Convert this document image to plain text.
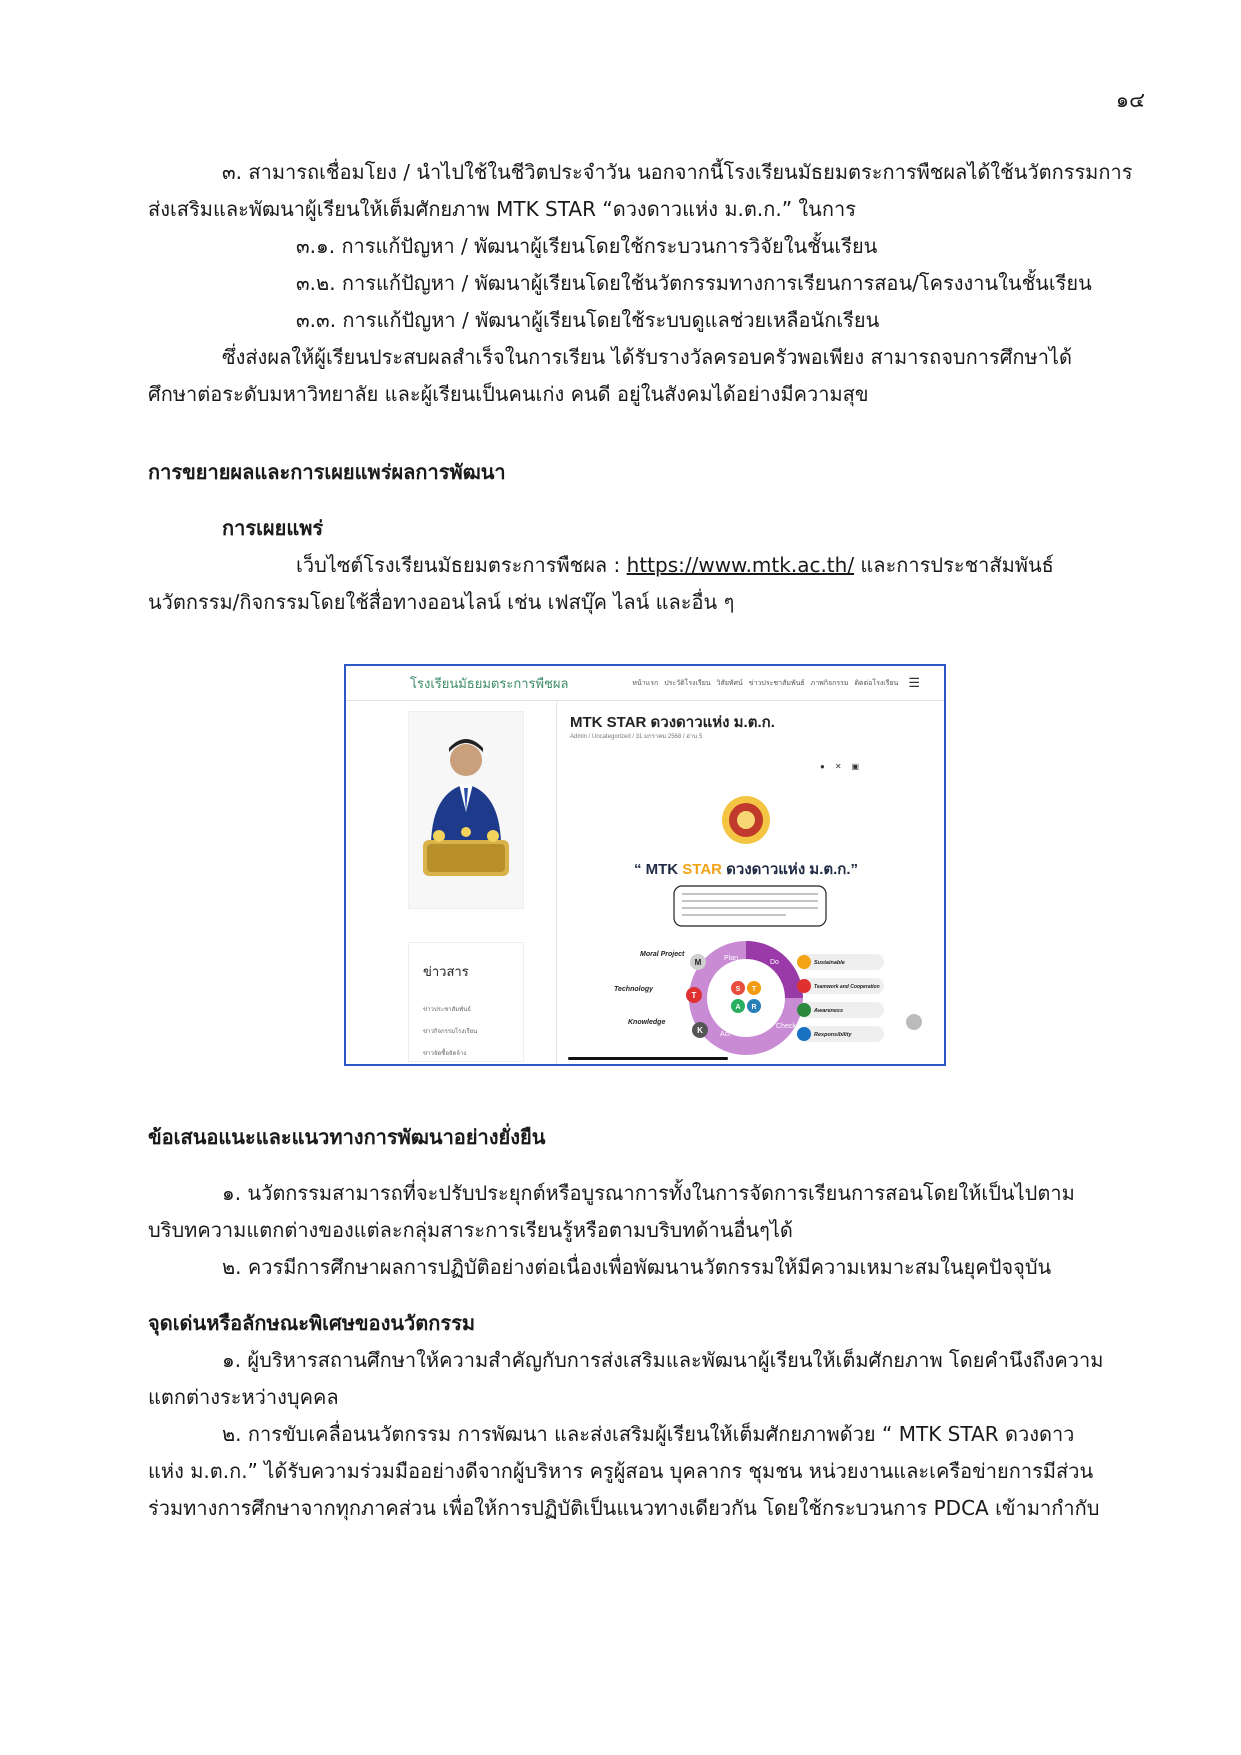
๑๔

๓. สามารถเชื่อมโยง / นำไปใช้ในชีวิตประจำวัน นอกจากนี้โรงเรียนมัธยมตระการพืชผลได้ใช้นวัตกรรมการ

ส่งเสริมและพัฒนาผู้เรียนให้เต็มศักยภาพ MTK STAR “ดวงดาวแห่ง ม.ต.ก.” ในการ

๓.๑. การแก้ปัญหา / พัฒนาผู้เรียนโดยใช้กระบวนการวิจัยในชั้นเรียน

๓.๒. การแก้ปัญหา / พัฒนาผู้เรียนโดยใช้นวัตกรรมทางการเรียนการสอน/โครงงานในชั้นเรียน

๓.๓. การแก้ปัญหา / พัฒนาผู้เรียนโดยใช้ระบบดูแลช่วยเหลือนักเรียน

ซึ่งส่งผลให้ผู้เรียนประสบผลสำเร็จในการเรียน ได้รับรางวัลครอบครัวพอเพียง สามารถจบการศึกษาได้

ศึกษาต่อระดับมหาวิทยาลัย และผู้เรียนเป็นคนเก่ง คนดี อยู่ในสังคมได้อย่างมีความสุข

การขยายผลและการเผยแพร่ผลการพัฒนา

การเผยแพร่

เว็บไซต์โรงเรียนมัธยมตระการพืชผล : https://www.mtk.ac.th/ และการประชาสัมพันธ์

นวัตกรรม/กิจกรรมโดยใช้สื่อทางออนไลน์ เช่น เฟสบุ๊ค ไลน์ และอื่น ๆ

โรงเรียนมัธยมตระการพืชผล	หน้าแรก ประวัติโรงเรียน วิสัยทัศน์ ข่าวประชาสัมพันธ์ ภาพกิจกรรม ติดต่อโรงเรียน ☰
ข่าวสาร
ข่าวประชาสัมพันธ์
ข่าวกิจกรรมโรงเรียน
ข่าวจัดซื้อจัดจ้าง
MTK STAR ดวงดาวแห่ง ม.ต.ก.
Admin / Uncategorized / 31 มกราคม 2568 / อ่าน 5
● ✕ ▣
“ MTK STAR ดวงดาวแห่ง ม.ต.ก.”
S T
A R
Plan
Do
Check
Act
M
T
K
Moral Project
Technology
Knowledge
Sustainable
Teamwork and Cooperation
Awareness
Responsibility

ข้อเสนอแนะและแนวทางการพัฒนาอย่างยั่งยืน

๑. นวัตกรรมสามารถที่จะปรับประยุกต์หรือบูรณาการทั้งในการจัดการเรียนการสอนโดยให้เป็นไปตาม

บริบทความแตกต่างของแต่ละกลุ่มสาระการเรียนรู้หรือตามบริบทด้านอื่นๆได้

๒. ควรมีการศึกษาผลการปฏิบัติอย่างต่อเนื่องเพื่อพัฒนานวัตกรรมให้มีความเหมาะสมในยุคปัจจุบัน

จุดเด่นหรือลักษณะพิเศษของนวัตกรรม

๑. ผู้บริหารสถานศึกษาให้ความสำคัญกับการส่งเสริมและพัฒนาผู้เรียนให้เต็มศักยภาพ โดยคำนึงถึงความ

แตกต่างระหว่างบุคคล

๒. การขับเคลื่อนนวัตกรรม การพัฒนา และส่งเสริมผู้เรียนให้เต็มศักยภาพด้วย “ MTK STAR ดวงดาว

แห่ง ม.ต.ก.” ได้รับความร่วมมืออย่างดีจากผู้บริหาร ครูผู้สอน บุคลากร ชุมชน หน่วยงานและเครือข่ายการมีส่วน

ร่วมทางการศึกษาจากทุกภาคส่วน เพื่อให้การปฏิบัติเป็นแนวทางเดียวกัน โดยใช้กระบวนการ PDCA เข้ามากำกับ
